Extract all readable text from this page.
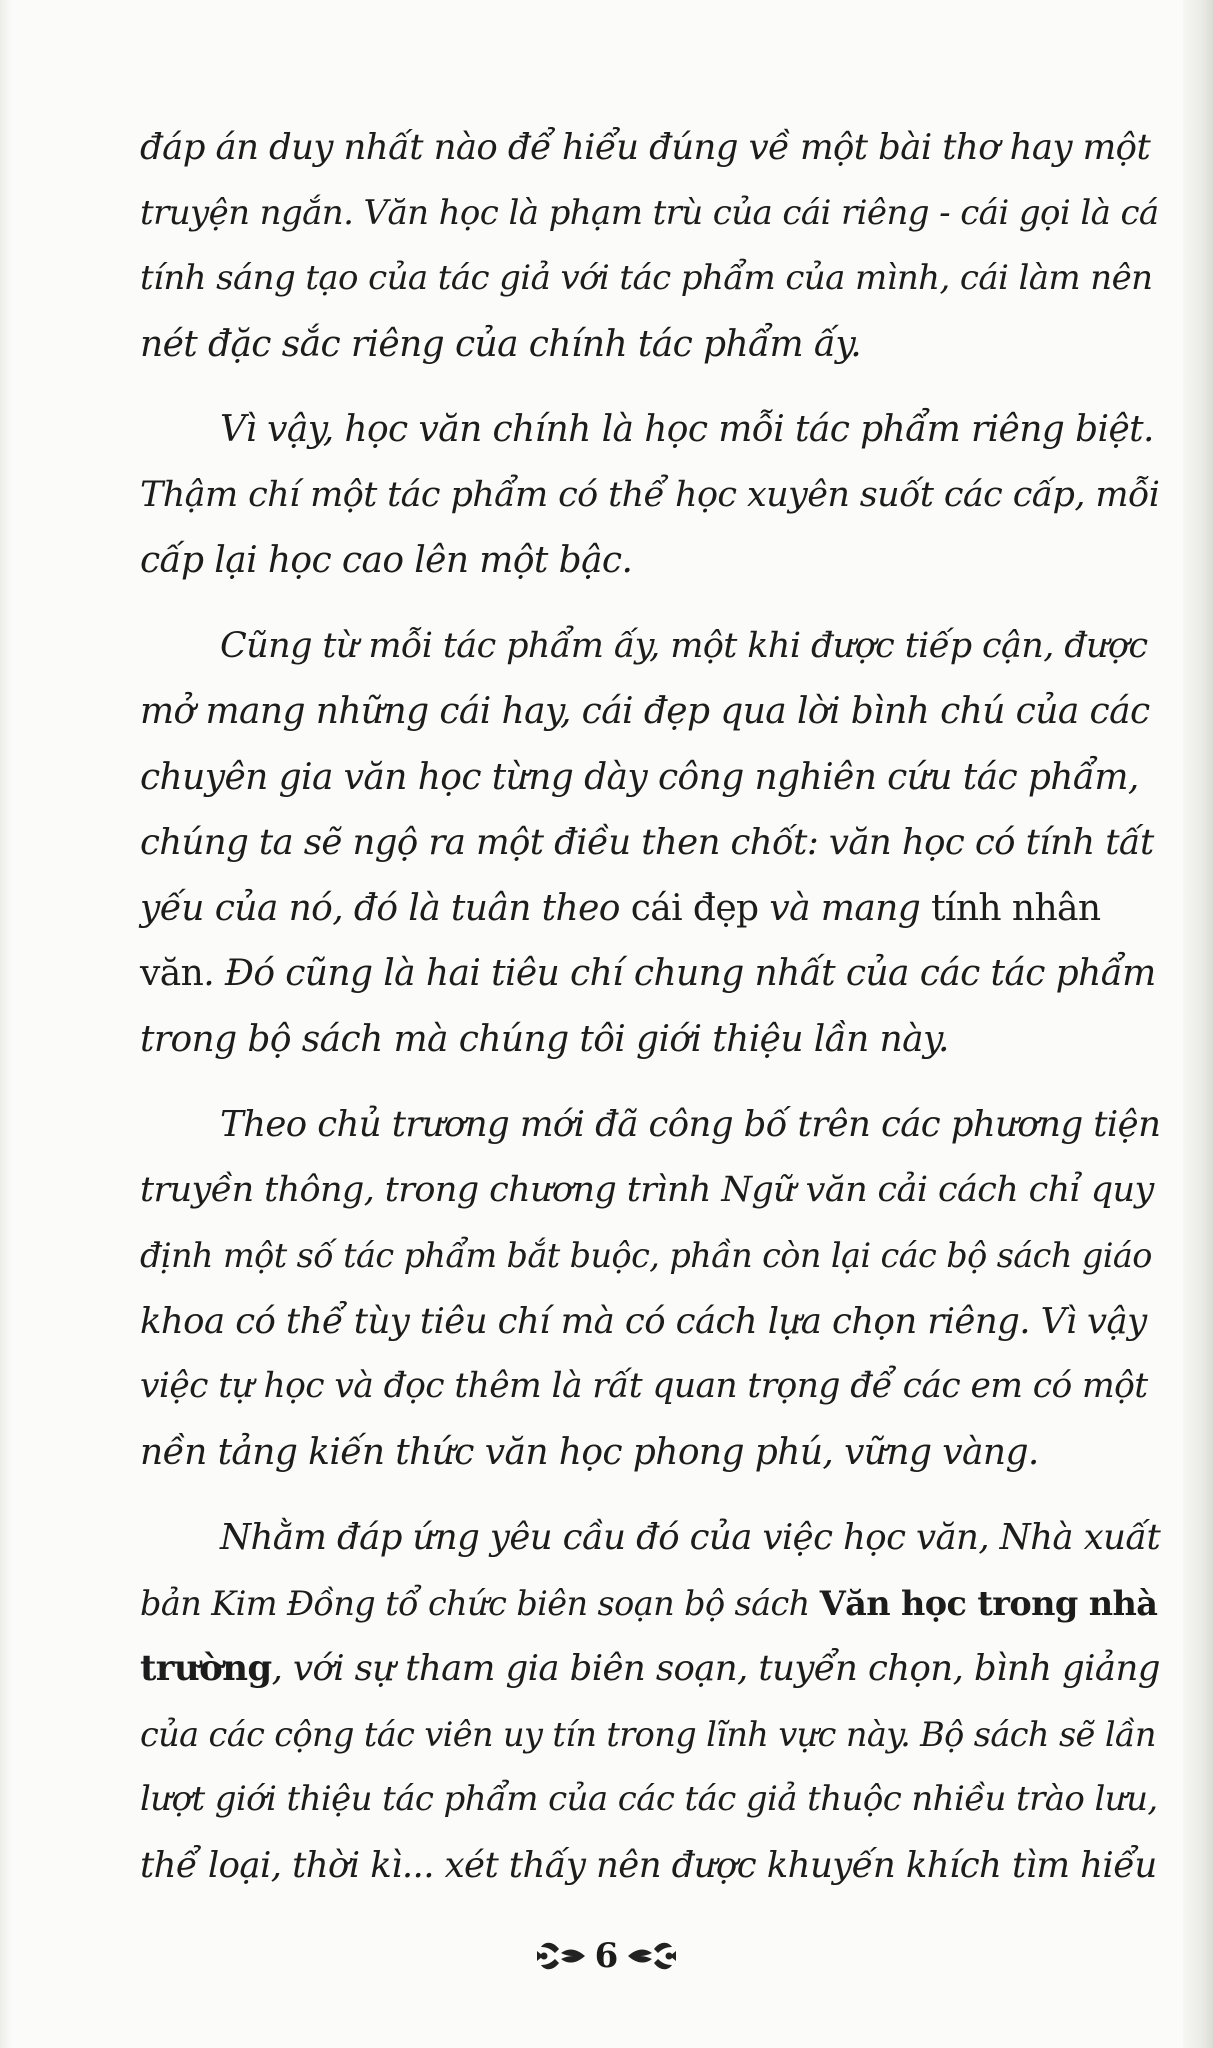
đáp án duy nhất nào để hiểu đúng về một bài thơ hay một
truyện ngắn. Văn học là phạm trù của cái riêng - cái gọi là cá
tính sáng tạo của tác giả với tác phẩm của mình, cái làm nên
nét đặc sắc riêng của chính tác phẩm ấy.
Vì vậy, học văn chính là học mỗi tác phẩm riêng biệt.
Thậm chí một tác phẩm có thể học xuyên suốt các cấp, mỗi
cấp lại học cao lên một bậc.
Cũng từ mỗi tác phẩm ấy, một khi được tiếp cận, được
mở mang những cái hay, cái đẹp qua lời bình chú của các
chuyên gia văn học từng dày công nghiên cứu tác phẩm,
chúng ta sẽ ngộ ra một điều then chốt: văn học có tính tất
yếu của nó, đó là tuân theo cái đẹp và mang tính nhân
văn. Đó cũng là hai tiêu chí chung nhất của các tác phẩm
trong bộ sách mà chúng tôi giới thiệu lần này.
Theo chủ trương mới đã công bố trên các phương tiện
truyền thông, trong chương trình Ngữ văn cải cách chỉ quy
định một số tác phẩm bắt buộc, phần còn lại các bộ sách giáo
khoa có thể tùy tiêu chí mà có cách lựa chọn riêng. Vì vậy
việc tự học và đọc thêm là rất quan trọng để các em có một
nền tảng kiến thức văn học phong phú, vững vàng.
Nhằm đáp ứng yêu cầu đó của việc học văn, Nhà xuất
bản Kim Đồng tổ chức biên soạn bộ sách Văn học trong nhà
trường, với sự tham gia biên soạn, tuyển chọn, bình giảng
của các cộng tác viên uy tín trong lĩnh vực này. Bộ sách sẽ lần
lượt giới thiệu tác phẩm của các tác giả thuộc nhiều trào lưu,
thể loại, thời kì... xét thấy nên được khuyến khích tìm hiểu
6
